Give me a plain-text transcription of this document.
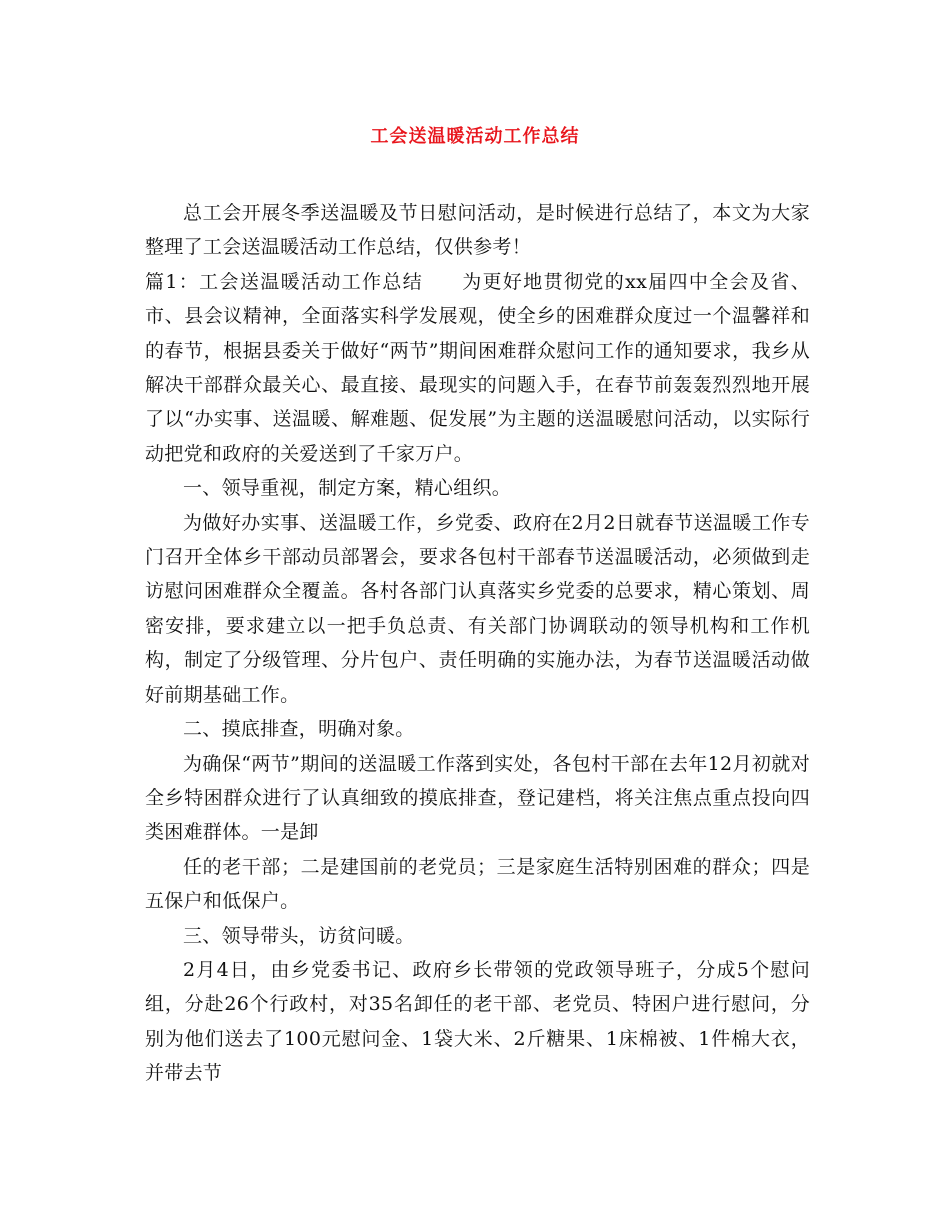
工会送温暖活动工作总结

总工会开展冬季送温暖及节日慰问活动，是时候进行总结了，本文为大家整理了工会送温暖活动工作总结，仅供参考！

篇1：工会送温暖活动工作总结 为更好地贯彻党的xx届四中全会及省、市、县会议精神，全面落实科学发展观，使全乡的困难群众度过一个温馨祥和的春节，根据县委关于做好“两节”期间困难群众慰问工作的通知要求，我乡从解决干部群众最关心、最直接、最现实的问题入手，在春节前轰轰烈烈地开展了以“办实事、送温暖、解难题、促发展”为主题的送温暖慰问活动，以实际行动把党和政府的关爱送到了千家万户。

一、领导重视，制定方案，精心组织。

为做好办实事、送温暖工作，乡党委、政府在2月2日就春节送温暖工作专门召开全体乡干部动员部署会，要求各包村干部春节送温暖活动，必须做到走访慰问困难群众全覆盖。各村各部门认真落实乡党委的总要求，精心策划、周密安排，要求建立以一把手负总责、有关部门协调联动的领导机构和工作机构，制定了分级管理、分片包户、责任明确的实施办法，为春节送温暖活动做好前期基础工作。

二、摸底排查，明确对象。

为确保“两节”期间的送温暖工作落到实处，各包村干部在去年12月初就对全乡特困群众进行了认真细致的摸底排查，登记建档，将关注焦点重点投向四类困难群体。一是卸

任的老干部；二是建国前的老党员；三是家庭生活特别困难的群众；四是五保户和低保户。

三、领导带头，访贫问暖。

2月4日，由乡党委书记、政府乡长带领的党政领导班子，分成5个慰问组，分赴26个行政村，对35名卸任的老干部、老党员、特困户进行慰问，分别为他们送去了100元慰问金、1袋大米、2斤糖果、1床棉被、1件棉大衣，并带去节
